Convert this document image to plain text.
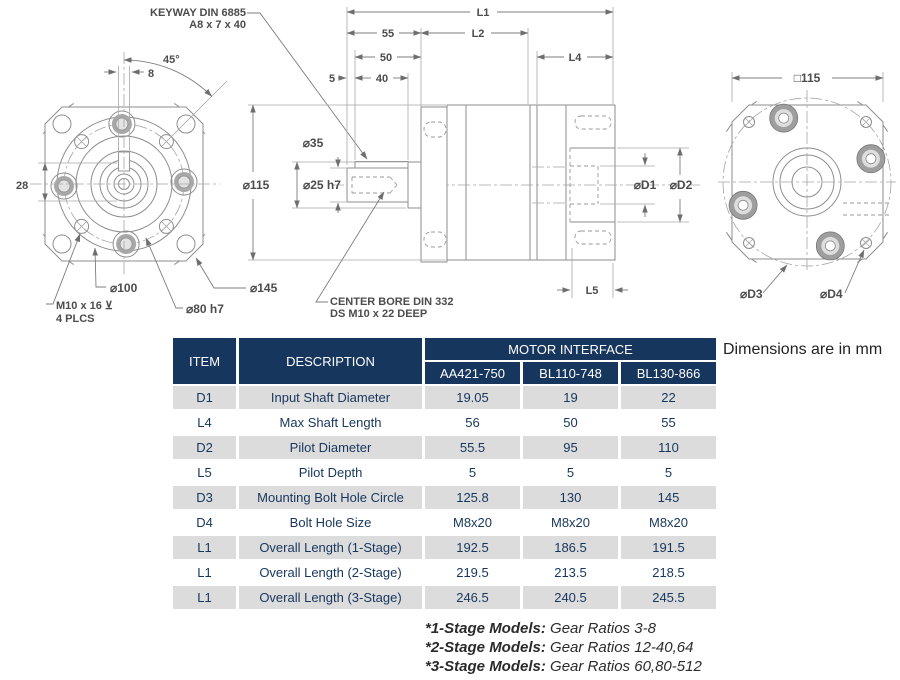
KEYWAY DIN 6885
A8 x 7 x 40
45°
8
28
⌀100
M10 x 16 ⊻
4 PLCS
⌀80 h7
⌀145
L1
55	L2
50	L4
5	40
⌀35
⌀115	⌀25 h7	⌀D1 ⌀D2
L5
CENTER BORE DIN 332
DS M10 x 22 DEEP
□115
⌀D3	⌀D4
ITEM	DESCRIPTION	MOTOR INTERFACE		
		AA421-750	BL110-748	BL130-866
D1	Input Shaft Diameter	19.05	19	22
L4	Max Shaft Length	56	50	55
D2	Pilot Diameter	55.5	95	110
L5	Pilot Depth	5	5	5
D3	Mounting Bolt Hole Circle	125.8	130	145
D4	Bolt Hole Size	M8x20	M8x20	M8x20
L1	Overall Length (1-Stage)	192.5	186.5	191.5
L1	Overall Length (2-Stage)	219.5	213.5	218.5
L1	Overall Length (3-Stage)	246.5	240.5	245.5
Dimensions are in mm
*1-Stage Models: Gear Ratios 3-8
*2-Stage Models: Gear Ratios 12-40,64
*3-Stage Models: Gear Ratios 60,80-512
